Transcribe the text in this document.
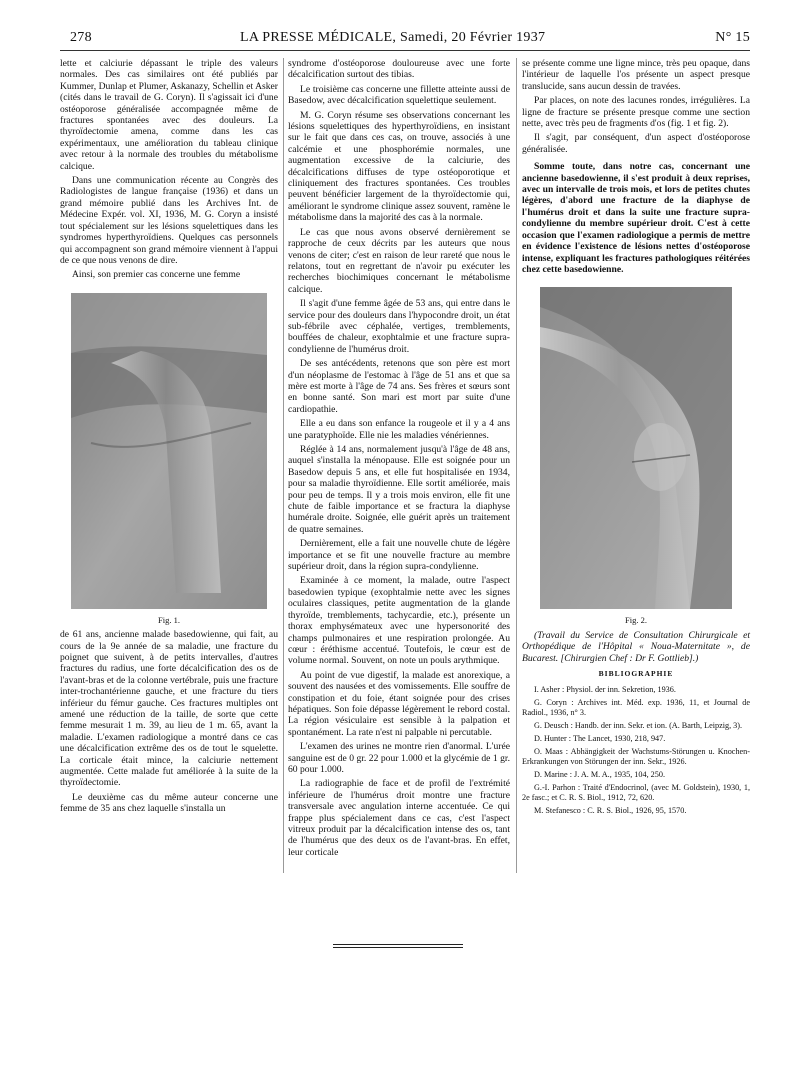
278	LA PRESSE MÉDICALE, Samedi, 20 Février 1937	N° 15

lette et calciurie dépassant le triple des valeurs normales. Des cas similaires ont été publiés par Kummer, Dunlap et Plumer, Askanazy, Schellin et Asker (cités dans le travail de G. Coryn). Il s'agissait ici d'une ostéoporose généralisée accompagnée même de fractures spontanées avec des douleurs. La thyroïdectomie amena, comme dans les cas expérimentaux, une amélioration du tableau clinique avec retour à la normale des troubles du métabolisme calcique.

Dans une communication récente au Congrès des Radiologistes de langue française (1936) et dans un grand mémoire publié dans les Archives Int. de Médecine Expér. vol. XI, 1936, M. G. Coryn a insisté tout spécialement sur les lésions squelettiques dans les syndromes hyperthyroïdiens. Quelques cas personnels qui accompagnent son grand mémoire viennent à l'appui de ce que nous venons de dire.

Ainsi, son premier cas concerne une femme

Fig. 1.

de 61 ans, ancienne malade basedowienne, qui fait, au cours de la 9e année de sa maladie, une fracture du poignet que suivent, à de petits intervalles, d'autres fractures du radius, une forte décalcification des os de l'avant-bras et de la colonne vertébrale, puis une fracture inter-trochantérienne gauche, et une fracture du tiers inférieur du fémur gauche. Ces fractures multiples ont amené une réduction de la taille, de sorte que cette femme mesurait 1 m. 39, au lieu de 1 m. 65, avant la maladie. L'examen radiologique a montré dans ce cas une décalcification extrême des os de tout le squelette. La corticale était mince, la calciurie nettement augmentée. Cette malade fut améliorée à la suite de la thyroïdectomie.

Le deuxième cas du même auteur concerne une femme de 35 ans chez laquelle s'installa un

syndrome d'ostéoporose douloureuse avec une forte décalcification surtout des tibias.

Le troisième cas concerne une fillette atteinte aussi de Basedow, avec décalcification squelettique seulement.

M. G. Coryn résume ses observations concernant les lésions squelettiques des hyperthyroïdiens, en insistant sur le fait que dans ces cas, on trouve, associés à une calcémie et une phosphorémie normales, une augmentation excessive de la calciurie, des décalcifications diffuses de type ostéoporotique et cliniquement des fractures spontanées. Ces troubles peuvent bénéficier largement de la thyroïdectomie qui, améliorant le syndrome clinique assez souvent, ramène le métabolisme dans la majorité des cas à la normale.

Le cas que nous avons observé dernièrement se rapproche de ceux décrits par les auteurs que nous venons de citer; c'est en raison de leur rareté que nous le relatons, tout en regrettant de n'avoir pu exécuter les recherches biochimiques concernant le métabolisme calcique.

Il s'agit d'une femme âgée de 53 ans, qui entre dans le service pour des douleurs dans l'hypocondre droit, un état sub-fébrile avec céphalée, vertiges, tremblements, bouffées de chaleur, exophtalmie et une fracture supra-condylienne de l'humérus droit.

De ses antécédents, retenons que son père est mort d'un néoplasme de l'estomac à l'âge de 51 ans et que sa mère est morte à l'âge de 74 ans. Ses frères et sœurs sont en bonne santé. Son mari est mort par suite d'une cardiopathie.

Elle a eu dans son enfance la rougeole et il y a 4 ans une paratyphoïde. Elle nie les maladies vénériennes.

Réglée à 14 ans, normalement jusqu'à l'âge de 48 ans, auquel s'installa la ménopause. Elle est soignée pour un Basedow depuis 5 ans, et elle fut hospitalisée en 1934, pour sa maladie thyroïdienne. Elle sortit améliorée, mais pour peu de temps. Il y a trois mois environ, elle fit une chute de faible importance et se fractura la diaphyse humérale droite. Soignée, elle guérit après un traitement de quatre semaines.

Dernièrement, elle a fait une nouvelle chute de légère importance et se fit une nouvelle fracture au membre supérieur droit, dans la région supra-condylienne.

Examinée à ce moment, la malade, outre l'aspect basedowien typique (exophtalmie nette avec les signes oculaires classiques, petite augmentation de la glande thyroïde, tremblements, tachycardie, etc.), présente un thorax emphysémateux avec une hypersonorité des champs pulmonaires et une respiration prolongée. Au cœur : éréthisme accentué. Toutefois, le cœur est de volume normal. Souvent, on note un pouls arythmique.

Au point de vue digestif, la malade est anorexique, a souvent des nausées et des vomissements. Elle souffre de constipation et du foie, étant soignée pour des crises hépatiques. Son foie dépasse légèrement le rebord costal. La région vésiculaire est sensible à la palpation et spontanément. La rate n'est ni palpable ni percutable.

L'examen des urines ne montre rien d'anormal. L'urée sanguine est de 0 gr. 22 pour 1.000 et la glycémie de 1 gr. 60 pour 1.000.

La radiographie de face et de profil de l'extrémité inférieure de l'humérus droit montre une fracture transversale avec angulation interne accentuée. Ce qui frappe plus spécialement dans ce cas, c'est l'aspect vitreux produit par la décalcification intense des os, tant de l'humérus que des deux os de l'avant-bras. En effet, leur corticale

se présente comme une ligne mince, très peu opaque, dans l'intérieur de laquelle l'os présente un aspect presque translucide, sans aucun dessin de travées.

Par places, on note des lacunes rondes, irrégulières. La ligne de fracture se présente presque comme une section nette, avec très peu de fragments d'os (fig. 1 et fig. 2).

Il s'agit, par conséquent, d'un aspect d'ostéoporose généralisée.

Somme toute, dans notre cas, concernant une ancienne basedowienne, il s'est produit à deux reprises, avec un intervalle de trois mois, et lors de petites chutes légères, d'abord une fracture de la diaphyse de l'humérus droit et dans la suite une fracture supra-condylienne du membre supérieur droit. C'est à cette occasion que l'examen radiologique a permis de mettre en évidence l'existence de lésions nettes d'ostéoporose intense, expliquant les fractures pathologiques réitérées chez cette basedowienne.

Fig. 2.

(Travail du Service de Consultation Chirurgicale et Orthopédique de l'Hôpital « Noua-Maternitate », de Bucarest. [Chirurgien Chef : Dr F. Gottlieb].)

BIBLIOGRAPHIE

I. Asher : Physiol. der inn. Sekretion, 1936.

G. Coryn : Archives int. Méd. exp. 1936, 11, et Journal de Radiol., 1936, n° 3.

G. Deusch : Handb. der inn. Sekr. et ion. (A. Barth, Leipzig, 3).

D. Hunter : The Lancet, 1930, 218, 947.

O. Maas : Abhängigkeit der Wachstums-Störungen u. Knochen-Erkrankungen von Störungen der inn. Sekr., 1926.

D. Marine : J. A. M. A., 1935, 104, 250.

G.-I. Parhon : Traité d'Endocrinol, (avec M. Goldstein), 1930, 1, 2e fasc.; et C. R. S. Biol., 1912, 72, 620.

M. Stefanesco : C. R. S. Biol., 1926, 95, 1570.
